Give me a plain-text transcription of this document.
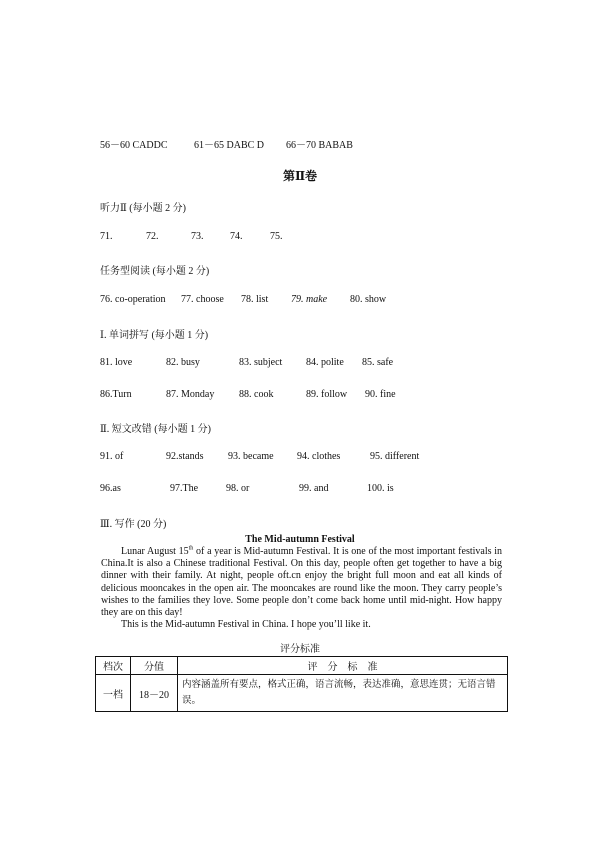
56－60 CADDC	61－65 DABC D 66－70 BABAB
第Ⅱ卷
听力Ⅱ (每小题 2 分)
71.	72.	73.	74.	75.
任务型阅读 (每小题 2 分)
76. co-operation 77. choose 78. list 79. make 80. show
Ⅰ. 单词拼写 (每小题 1 分)
81. love	82. busy	83. subject 84. polite 85. safe
86.Turn	87. Monday 88. cook	89. follow 90. fine
Ⅱ. 短文改错 (每小题 1 分)
91. of	92.stands 93. became 94. clothes	95. different
96.as	97.The	98. or	99. and	100. is
Ⅲ. 写作 (20 分)
The Mid-autumn Festival

Lunar August 15th of a year is Mid-autumn Festival. It is one of the most important festivals in China.It is also a Chinese traditional Festival. On this day, people often get together to have a big dinner with their family. At night, people oft.cn enjoy the bright full moon and eat all kinds of delicious mooncakes in the open air. The mooncakes are round like the moon. They carry people’s wishes to the families they love. Some people don’t come back home until mid-night. How happy they are on this day!

This is the Mid-autumn Festival in China. I hope you’ll like it.

评分标准
档次	分值	评　分　标　准
一档	18－20	内容涵盖所有要点，格式正确，语言流畅，表达准确，意思连贯；无语言错误。
